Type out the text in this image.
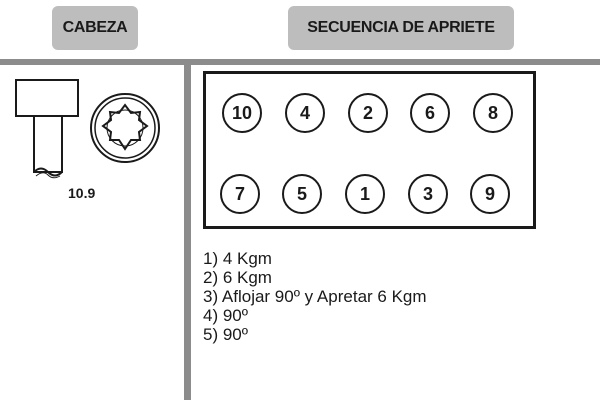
CABEZA	SECUENCIA DE APRIETE
10.9
10	4	2	6	8
7	5	1	3	9
1) 4 Kgm
2) 6 Kgm
3) Aflojar 90º y Apretar 6 Kgm
4) 90º
5) 90º
